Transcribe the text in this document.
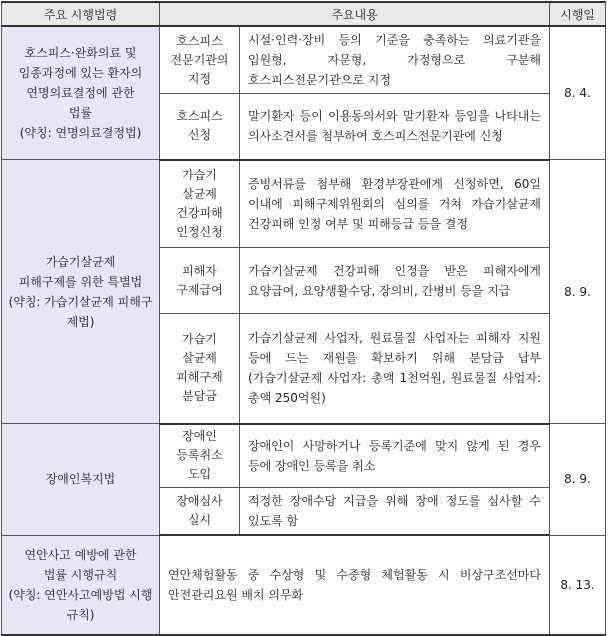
주요 시행법령	주요내용		시행일

호스피스·완화의료 및
임종과정에 있는 환자의
연명의료결정에 관한
법률
(약칭: 연명의료결정법)	호스피스
전문기관의
지정	시설·인력·장비 등의 기준을 충족하는 의료기관을 입원형, 자문형, 가정형으로 구분해 호스피스전문기관으로 지정	8. 4.

	호스피스
신청	말기환자 등이 이용동의서와 말기환자 등임을 나타내는 의사소견서를 첨부하여 호스피스전문기관에 신청	

가습기살균제
피해구제를 위한 특별법
(약칭: 가습기살균제 피해구제법)	가습기
살균제
건강피해
인정신청	증빙서류를 첨부해 환경부장관에게 신청하면, 60일 이내에 피해구제위원회의 심의를 거쳐 가습기살균제 건강피해 인정 여부 및 피해등급 등을 결정	8. 9.

	피해자
구제급여	가습기살균제 건강피해 인정을 받은 피해자에게 요양급여, 요양생활수당, 장의비, 간병비 등을 지급	

	가습기
살균제
피해구제
분담금	가습기살균제 사업자, 원료물질 사업자는 피해자 지원 등에 드는 재원을 확보하기 위해 분담금 납부(가습기살균제 사업자: 총액 1천억원, 원료물질 사업자: 총액 250억원)	

장애인복지법	장애인
등록취소
도입	장애인이 사망하거나 등록기준에 맞지 않게 된 경우 등에 장애인 등록을 취소	8. 9.

	장애심사
실시	적정한 장애수당 지급을 위해 장애 정도를 심사할 수 있도록 함	

연안사고 예방에 관한
법률 시행규칙
(약칭: 연안사고예방법 시행규칙)	연안체험활동 중 수상형 및 수중형 체험활동 시 비상구조선마다 안전관리요원 배치 의무화		8. 13.
